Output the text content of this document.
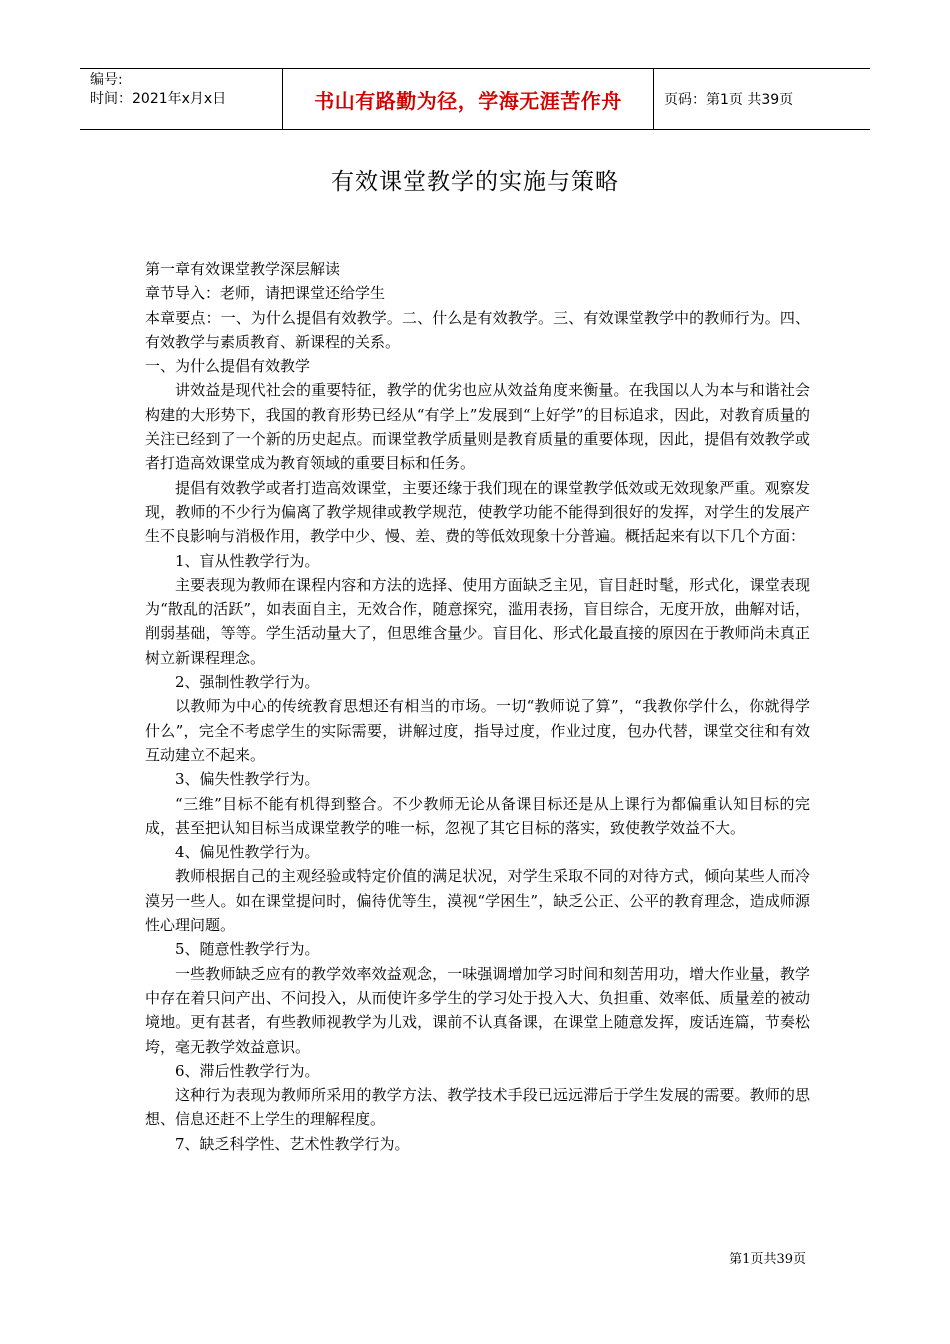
编号:
时间：2021年x月x日	书山有路勤为径，学海无涯苦作舟	页码：第1页 共39页
有效课堂教学的实施与策略

第一章有效课堂教学深层解读

章节导入：老师，请把课堂还给学生

本章要点：一、为什么提倡有效教学。二、什么是有效教学。三、有效课堂教学中的教师行为。四、有效教学与素质教育、新课程的关系。

一、为什么提倡有效教学

讲效益是现代社会的重要特征，教学的优劣也应从效益角度来衡量。在我国以人为本与和谐社会构建的大形势下，我国的教育形势已经从“有学上”发展到“上好学”的目标追求，因此，对教育质量的关注已经到了一个新的历史起点。而课堂教学质量则是教育质量的重要体现，因此，提倡有效教学或者打造高效课堂成为教育领域的重要目标和任务。

提倡有效教学或者打造高效课堂，主要还缘于我们现在的课堂教学低效或无效现象严重。观察发现，教师的不少行为偏离了教学规律或教学规范，使教学功能不能得到很好的发挥，对学生的发展产生不良影响与消极作用，教学中少、慢、差、费的等低效现象十分普遍。概括起来有以下几个方面：

1、盲从性教学行为。

主要表现为教师在课程内容和方法的选择、使用方面缺乏主见，盲目赶时髦，形式化，课堂表现为“散乱的活跃”，如表面自主，无效合作，随意探究，滥用表扬，盲目综合，无度开放，曲解对话，削弱基础，等等。学生活动量大了，但思维含量少。盲目化、形式化最直接的原因在于教师尚未真正树立新课程理念。

2、强制性教学行为。

以教师为中心的传统教育思想还有相当的市场。一切“教师说了算”，“我教你学什么，你就得学什么”，完全不考虑学生的实际需要，讲解过度，指导过度，作业过度，包办代替，课堂交往和有效互动建立不起来。

3、偏失性教学行为。

“三维”目标不能有机得到整合。不少教师无论从备课目标还是从上课行为都偏重认知目标的完成，甚至把认知目标当成课堂教学的唯一标，忽视了其它目标的落实，致使教学效益不大。

4、偏见性教学行为。

教师根据自己的主观经验或特定价值的满足状况，对学生采取不同的对待方式，倾向某些人而冷漠另一些人。如在课堂提问时，偏待优等生，漠视“学困生”，缺乏公正、公平的教育理念，造成师源性心理问题。

5、随意性教学行为。

一些教师缺乏应有的教学效率效益观念，一味强调增加学习时间和刻苦用功，增大作业量，教学中存在着只问产出、不问投入，从而使许多学生的学习处于投入大、负担重、效率低、质量差的被动境地。更有甚者，有些教师视教学为儿戏，课前不认真备课，在课堂上随意发挥，废话连篇，节奏松垮，毫无教学效益意识。

6、滞后性教学行为。

这种行为表现为教师所采用的教学方法、教学技术手段已远远滞后于学生发展的需要。教师的思想、信息还赶不上学生的理解程度。

7、缺乏科学性、艺术性教学行为。

第1页共39页
